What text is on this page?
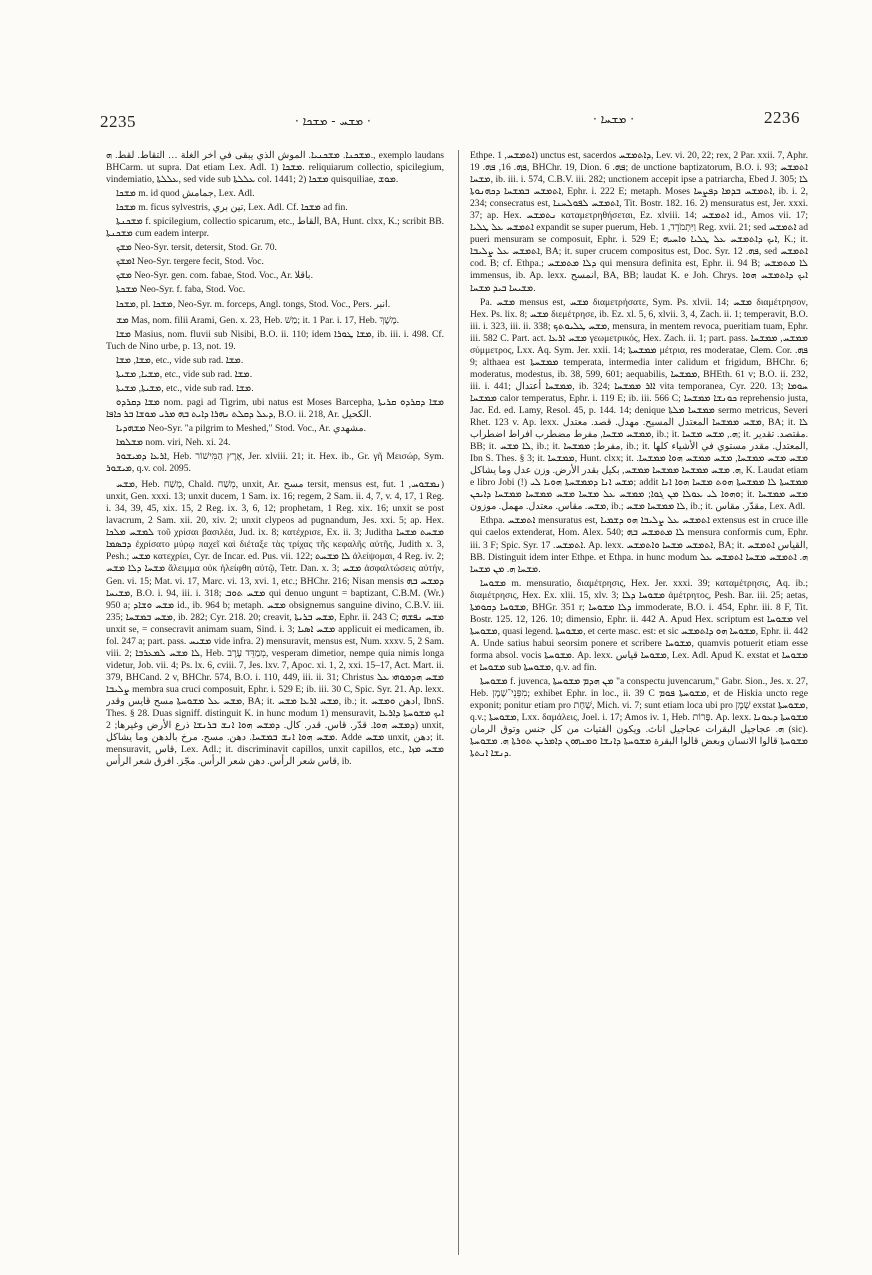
2235	· ܡܫܚ - ܡܫܟܐ ·	· ܡܫܚܐ ·	2236

ܡܫܟܢܐ. ܡܫܟܢܝܐ. الموش الذي يبقى في آخر الغلة … التقاط. لقط. ܗ., exemplo laudans BHCarm. ut supra. Dat etiam Lex. Adl. 1) ܡܫܟܐ. reliquiarum collectio, spicilegium, vindemiatio, ܥܠܠܬܐ, sed vide sub ܥܠܠܬܐ col. 1441; 2) ܡܫܟܐ quisquiliae, ܡܘܫ.

ܡܫܟܐ m. id quod جمامش, Lex. Adl.

ܡܫܟܐ m. ficus sylvestris, تين بري, Lex. Adl. Cf. ܡܫܟܐ ad fin.

ܡܫܟܢܬܐ f. spicilegium, collectio spicarum, etc., القاط, BA, Hunt. clxx, K.; scribit BB. ܡܫܟܢܬܐ cum eadem interpr.

ܡܫܟ Neo-Syr. tersit, detersit, Stod. Gr. 70.

ܐܡܫܟ Neo-Syr. tergere fecit, Stod. Voc.

ܡܫܟ Neo-Syr. gen. com. fabae, Stod. Voc., Ar. باقلا.

ܡܫܟܬܐ Neo-Syr. f. faba, Stod. Voc.

ܡܫܟܐ, pl. ܡܫܟܐ, Neo-Syr. m. forceps, Angl. tongs, Stod. Voc., Pers. انبر.

ܡܫ Mas, nom. filii Arami, Gen. x. 23, Heb. מַשׁ; it. 1 Par. i. 17, Heb. מֶשֶׁךְ.

ܡܫܐ Masius, nom. fluvii sub Nisibi, B.O. ii. 110; idem ܡܫܐ ܛܘܪܐ, ib. iii. i. 498. Cf. Tuch de Nino urbe, p. 13, not. 19.

ܡܫܐ, ܡܫܐ, etc., vide sub rad. ܡܫܐ.

ܡܫܝܐ, ܡܫܝܬܐ, etc., vide sub rad. ܡܫܐ.

ܡܫܝܬܐ, ܡܫܝܬܐ, etc., vide sub rad. ܡܫܐ.

ܡܫܐ ܕܩܪܕܘ nom. pagi ad Tigrim, ubi natus est Moses Barcepha, ܡܫܐ ܕܩܪܕܘ ܩܪܝܬܐ ܕܥܠ ܕܩܠܬ ܢܗܪܐ ܕܐܝܬ ܒܗ ܡܪܝ ܡܘܫܐ ܒܪ ܟܐܦܐ, B.O. ii. 218, Ar. الكحيل.

ܡܫܗܕܝܐ Neo-Syr. "a pilgrim to Meshed," Stod. Voc., Ar. مشهدي.

ܡܫܠܡܐ nom. viri, Neh. xi. 24.

ܐܪܥܐ ܕܡܝܫܘܪ, Heb. אֶרֶץ הַמִּישׁוֹר, Jer. xlviii. 21; it. Hex. ib., Gr. γῆ Μεισώρ, Sym. ܡܝܫܘܪ, q.v. col. 2095.

ܡܫܚ, Heb. מָשַׁח, Chald. מְשַׁח, unxit, Ar. مسح tersit, mensus est, fut. ܢܡܫܘܚ, 1) unxit, Gen. xxxi. 13; unxit ducem, 1 Sam. ix. 16; regem, 2 Sam. ii. 4, 7, v. 4, 17, 1 Reg. i. 34, 39, 45, xix. 15, 2 Reg. ix. 3, 6, 12; prophetam, 1 Reg. xix. 16; unxit se post lavacrum, 2 Sam. xii. 20, xiv. 2; unxit clypeos ad pugnandum, Jes. xxi. 5; ap. Hex. ܠܡܫܚ ܡܠܟܐ τοῦ χρίσαι βασιλέα, Jud. ix. 8; κατέχρισε, Ex. ii. 3; Juditha ܡܫܚܬ ܡܫܚܐ ܕܒܣܡܐ ἐχρίσατο μύρῳ παχεῖ καὶ διέταξε τὰς τρίχας τῆς κεφαλῆς αὐτῆς, Judith x. 3, Pesh.; ܡܫܚ κατεχρίει, Cyr. de Incar. ed. Pus. vii. 122; ܠܐ ܡܫܚܬ ἀλείψομαι, 4 Reg. iv. 2; ܡܫܚܐ ܕܠܐ ܡܫܚ ἄλειμμα οὐκ ἠλείφθη αὐτῷ, Tetr. Dan. x. 3; ܡܫܚ ἀσφαλτώσεις αὐτήν, Gen. vi. 15; Mat. vi. 17, Marc. vi. 13, xvi. 1, etc.; BHChr. 216; Nisan mensis ܕܡܫܚ ܒܗ ܡܫܝܚܐ, B.O. i. 94, iii. i. 318; ܡܫܚ ܬܘܒ qui denuo ungunt = baptizant, C.B.M. (Wr.) 950 a; ܡܫܚ ܘܫܐܕ id., ib. 964 b; metaph. ܡܫܚ obsignemus sanguine divino, C.B.V. iii. 235; ܡܫܚ ܒܡܫܚܐ, ib. 282; Cyr. 218. 20; creavit, ܡܫܚ ܒܪܝܬܐ, Ephr. ii. 243 C; ܡܫܚ ܢܦܫܗ unxit se, = consecravit animam suam, Sind. i. 3; ܡܫܚ ܐܣܝܐ applicuit ei medicamen, ib. fol. 247 a; part. pass. ܡܫܝܚ vide infra. 2) mensuravit, mensus est, Num. xxxv. 5, 2 Sam. viii. 2; ܠܐ ܡܫܚ ܠܡܥܪܒܐ, Heb. מְמַדֵּד עֶרֶב, vesperam dimetior, nempe quia nimis longa videtur, Job. vii. 4; Ps. lx. 6, cviii. 7, Jes. lxv. 7, Apoc. xi. 1, 2, xxi. 15–17, Act. Mart. ii. 379, BHCand. 2 v, BHChr. 574, B.O. i. 110, 449, iii. ii. 31; Christus ܡܫܚ ܗܕܡܘܗܝ ܥܠ ܨܠܝܒܐ membra sua cruci composuit, Ephr. i. 529 E; ib. iii. 30 C, Spic. Syr. 21. Ap. lexx. ܡܫܚ ܥܠ ܡܫܘܚܬܐ مسح قايس وقدر, BA; it. ܡܫܚ ܐܪܥܐ ܡܫܚ, ib.; it. ادهن ܘܡܫܚ, IbnS. Thes. § 28. Duas signiff. distinguit K. in hunc modum 1) mensuravit, ܐܝܟ ܡܫܘܚܬܐ ܕܐܪܥܐ ܕܡܫܚ ܗܘܐ. قدّر. قاس. قدر. كال. ܕܡܫܚ ܗܘܐ ܐܢܫ ܒܪܢܫܐ ذرع الأرض وغيرها; 2) unxit, ܡܫܚ ܗܘܐ ܐܢܫ ܒܡܫܚܐ. دهن. مسح. مرخ بالدهن وما يشاكل. Adde ܡܫܚ unxit, دهن; it. mensuravit, قاس, Lex. Adl.; it. discriminavit capillos, unxit capillos, etc., ܡܫܚ ܡܙܐ قاس شعر الرأس. دهن شعر الرأس. مجّز. افرق شعر الرأس, ib.

Ethpe. ܐܬܡܫܚ, 1) unctus est, sacerdos ܕܐܬܡܫܚ, Lev. vi. 20, 22; rex, 2 Par. xxii. 7, Aphr. ܦܗ. 16, ܦܗ. 19, BHChr. 19, Dion. ܦܗ. 6; de unctione baptizatorum, B.O. i. 93; ܐܬܡܫܚ ܡܫܚܐ, ib. iii. i. 574, C.B.V. iii. 282; unctionem accepit ipse a patriarcha, Ebed J. 305; ܠܐ ܐܬܡܫܚ ܒܡܫܚܐ ܕܟܗܢܘܬܐ, Ephr. i. 222 E; metaph. Moses ܐܬܡܫܚ ܒܕܡܐ ܕܦܨܚܐ, ib. i. 2, 234; consecratus est, ܐܬܡܫܚ ܠܦܘܠܚܢܐ, Tit. Bostr. 182. 16. 2) mensuratus est, Jer. xxxi. 37; ap. Hex. ܢܬܡܫܚ καταμετρηθήσεται, Ez. xlviii. 14; ܐܬܡܫܚ id., Amos vii. 17; ܐܬܡܫܚ ܥܠ ܛܠܝܐ expandit se super puerum, Heb. וַיִּתְמֹדֵד, 1 Reg. xvii. 21; sed ܐܬܡܫܚ ad pueri mensuram se composuit, Ephr. i. 529 E; ܐܝܟ ܕܐܬܡܫܚ ܥܠ ܛܠܝܐ ܘܐܚܝܗ, K.; it. ܐܬܡܫܚ ܥܠ ܨܠܝܒܐ, BA; it. super crucem compositus est, Doc. Syr. ܦܗ. 12, sed ܐܬܡܫܚ cod. B; cf. Ethpa.; ܕܠܐ ܡܬܡܫܚ qui mensura definita est, Ephr. ii. 94 B; ܠܐ ܡܬܡܫܚ immensus, ib. Ap. lexx. انمسح, BA, BB; laudat K. e Joh. Chrys. ܐܝܟ ܕܐܬܡܫܚ ܗܘܐ ܡܫܝܚܐ ܒܝܕ ܡܫܚܐ.

Pa. ܡܫܚ mensus est, ܡܫܚ διαμετρήσατε, Sym. Ps. xlvii. 14; ܡܫܚ διαμέτρησον, Hex. Ps. lix. 8; ܡܫܚ διεμέτρησε, ib. Ez. xl. 5, 6, xlvii. 3, 4, Zach. ii. 1; temperavit, B.O. iii. i. 323, iii. ii. 338; ܡܫܚ ܛܠܝܘܬܟ, mensura, in mentem revoca, pueritiam tuam, Ephr. iii. 582 C. Part. act. ܡܫܚ ܐܪܥܐ γεωμετρικός, Hex. Zach. ii. 1; part. pass. ܡܡܫܚ, ܡܡܫܚܐ σύμμετρος, Lxx. Aq. Sym. Jer. xxii. 14; ܡܡܫܚܬܐ μέτρια, res moderatae, Clem. Cor. ܦܗ. 9; althaea est ܡܡܫܚܬܐ temperata, intermedia inter calidum et frigidum, BHChr. 6; moderatus, modestus, ib. 38, 599, 601; aequabilis, ܡܡܫܚܐ, BHEth. 61 v; B.O. ii. 232, iii. i. 441; ܡܡܫܚܐ أعتدال, ib. 324; ܐܐܪ ܡܡܫܚܐ vita temporanea, Cyr. 220. 13; ܚܘܡܐ ܡܡܫܚܐ calor temperatus, Ephr. i. 119 E; ib. iii. 566 C; ܟܘܢܫܐ ܡܡܫܚܐ reprehensio justa, Jac. Ed. ed. Lamy, Resol. 45, p. 144. 14; denique ܡܡܫܚܐ ܡܠܬܐ sermo metricus, Severi Rhet. 123 v. Ap. lexx. ܡܫܚ ܡܡܫܚܐ المعتدل المسيح. مهدل. قصد. معتدل, BA; it. ܠܐ ܡܡܫܚ ܡܫܚܐ, مفرط مضطرب افراط اضطراب, ib.; it. ܗ., ܡܫܚ ܡܫܚܐ; it. مقتصد. تقدير. BB; it. ܠܐ ܡܫܚ, ib.; it. مفرط; ܡܡܫܚܐ, ib.; it. المعتدل. مقدر مستوي في الأشياء كلها, Ibn S. Thes. § 3; it. ܡܡܫܚܐ, Hunt. clxx; it. ܡܫܚ ܡܫܚ ܡܡܫܚܐ, ܡܫܚ ܡܡܫܚ ܗܘܐ ܡܡܫܚܐ. ܗ. ܡܫܚ ܡܡܫܚܐ ܡܡܫܚܐ ܡܡܫܚ, بكيل بقدر الأرض. وزن عدل وما يشاكل, K. Laudat etiam e libro Jobi (!) ܡܫܚ ܐܢܐ ܕܡܡܫܚܬܐ ܗܘܝܐ ܠܝ; addit ܡܡܫܚܬܐ ܠܐ ܡܡܫܚܬܐ ܗܘܬ ܡܫܚܐ ܗܘܐ ܐܢܐ ܘܗܘܐ ܠܝ ܥܘܠܐ ܡܢ ܓܘܐ; ܡܡܫܚ ܥܠ ܡܫܚܐ ܡܫܚ ܡܡܫܚܐ ܡܡܫܚܐ ܕܐܝܟܢ; it. ܡܫܚ ܡܡܫܚܐ ܡܫܚ. مقاس. معتدل. مهمل. موزون, ib.; ܠܐ ܡܡܫܚܐ ܡܫܚ, ib.; it. مقدّر. مقاس, Lex. Adl.

Ethpa. ܐܬܡܫܚ mensuratus est, ܐܬܡܫܚ ܥܠ ܨܠܝܒܐ ܗܘ ܕܫܡܝܐ extensus est in cruce ille qui caelos extenderat, Hom. Alex. 540; ܠܐ ܡܬܡܫܚ ܒܗ mensura conformis cum, Ephr. iii. 3 F; Spic. Syr. ܐܬܡܫܚ. 17. Ap. lexx. ܐܬܡܫܚ ܡܫܚܐ ܘܐܬܡܫܚ, BA; it. القياس ܐܬܡܫܚ, BB. Distinguit idem inter Ethpe. et Ethpa. in hunc modum ܗ. ܐܬܡܫܚ ܡܫܚܐ ܐܬܡܫܚ ܥܠ ܡܫܚܐ ܗ. ܡܢ ܡܫܚܐ.

ܡܫܘܚܐ m. mensuratio, διαμέτρησις, Hex. Jer. xxxi. 39; καταμέτρησις, Aq. ib.; διαμέτρησις, Hex. Ex. xlii. 15, xlv. 3; ܡܫܘܚܐ ܕܠܐ ἀμέτρητος, Pesh. Bar. iii. 25; aetas, ܡܫܘܚܐ ܕܩܘܡܬܐ, BHGr. 351 r; ܕܠܐ ܡܫܘܚܐ immoderate, B.O. i. 454, Ephr. iii. 8 F, Tit. Bostr. 125. 12, 126. 10; dimensio, Ephr. ii. 442 A. Apud Hex. scriptum est ܡܫܘܚܐ vel ܡܫܘܚܬܐ, quasi legend. ܡܫܘܚܬܐ, et certe masc. est: et sic ܡܫܘܚܐ ܗܘ ܕܐܬܡܫܚ, Ephr. ii. 442 A. Unde satius habui seorsim ponere et scribere ܡܫܘܚܐ, quamvis potuerit etiam esse forma absol. vocis ܡܫܘܚܬܐ. Ap. lexx. ܡܫܘܚܐ قياس, Lex. Adl. Apud K. exstat et ܡܫܘܚܐ et ܡܫܘܚܐ sub ܡܫܘܚܬܐ, q.v. ad fin.

ܡܫܘܚܬܐ f. juvenca, ܡܢ ܗܕܡ ܡܫܘܚܬܐ "a conspectu juvencarum," Gabr. Sion., Jes. x. 27, Heb. מִפְּנֵי־שָׁמֶן; exhibet Ephr. in loc., ii. 39 C ܡܫܘܚܬܐ ܦܘܡ, et de Hiskia uncto rege exponit; ponitur etiam pro שָׁחָת, Mich. vi. 7; sunt etiam loca ubi pro שָׁמֶן exstat ܡܫܘܚܬܐ, q.v.; ܡܫܘܚܬܐ, Lxx. δαμάλεις, Joel. i. 17; Amos iv. 1, Heb. פָּרוֹת. Ap. lexx. ܡܫܘܚܬܐ ܕܥܘܢܐ ܗ. عجاجيل البقرات عجاجيل اناث. ويكون الفتيات من كل جنس وتوق الرمان (sic). ܡܫܘܚܬܐ قالوا الانسان وبعض قالوا البقرة ܡܫܘܚܬܐ ܕܐܢܫܐ ܘܡܢܗܘܢ ܕܐܡܪܝܢ ܬܘܪܬܐ ܗ. ܡܫܘܚܬܐ ܕܢܫܐ ܐܢܬܬܐ.
